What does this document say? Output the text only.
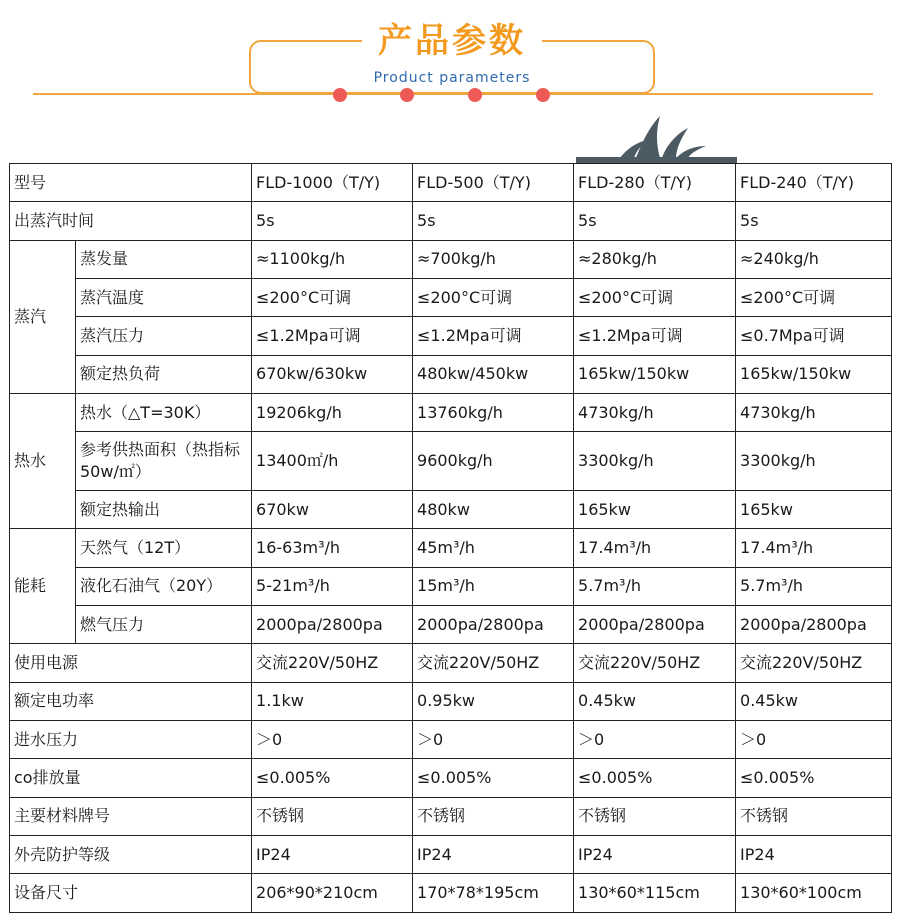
产品参数
Product parameters
型号		FLD-1000（T/Y)	FLD-500（T/Y)	FLD-280（T/Y)	FLD-240（T/Y)
出蒸汽时间		5s	5s	5s	5s
蒸汽	蒸发量	≈1100kg/h	≈700kg/h	≈280kg/h	≈240kg/h
	蒸汽温度	≤200°C可调	≤200°C可调	≤200°C可调	≤200°C可调
	蒸汽压力	≤1.2Mpa可调	≤1.2Mpa可调	≤1.2Mpa可调	≤0.7Mpa可调
	额定热负荷	670kw/630kw	480kw/450kw	165kw/150kw	165kw/150kw
热水	热水（△T=30K）	19206kg/h	13760kg/h	4730kg/h	4730kg/h
	参考供热面积（热指标50w/㎡）	13400㎡/h	9600kg/h	3300kg/h	3300kg/h
	额定热输出	670kw	480kw	165kw	165kw
能耗	天然气（12T）	16-63m³/h	45m³/h	17.4m³/h	17.4m³/h
	液化石油气（20Y）	5-21m³/h	15m³/h	5.7m³/h	5.7m³/h
	燃气压力	2000pa/2800pa	2000pa/2800pa	2000pa/2800pa	2000pa/2800pa
使用电源		交流220V/50HZ	交流220V/50HZ	交流220V/50HZ	交流220V/50HZ
额定电功率		1.1kw	0.95kw	0.45kw	0.45kw
进水压力		＞0	＞0	＞0	＞0
co排放量		≤0.005%	≤0.005%	≤0.005%	≤0.005%
主要材料牌号		不锈钢	不锈钢	不锈钢	不锈钢
外壳防护等级		IP24	IP24	IP24	IP24
设备尺寸		206*90*210cm	170*78*195cm	130*60*115cm	130*60*100cm
